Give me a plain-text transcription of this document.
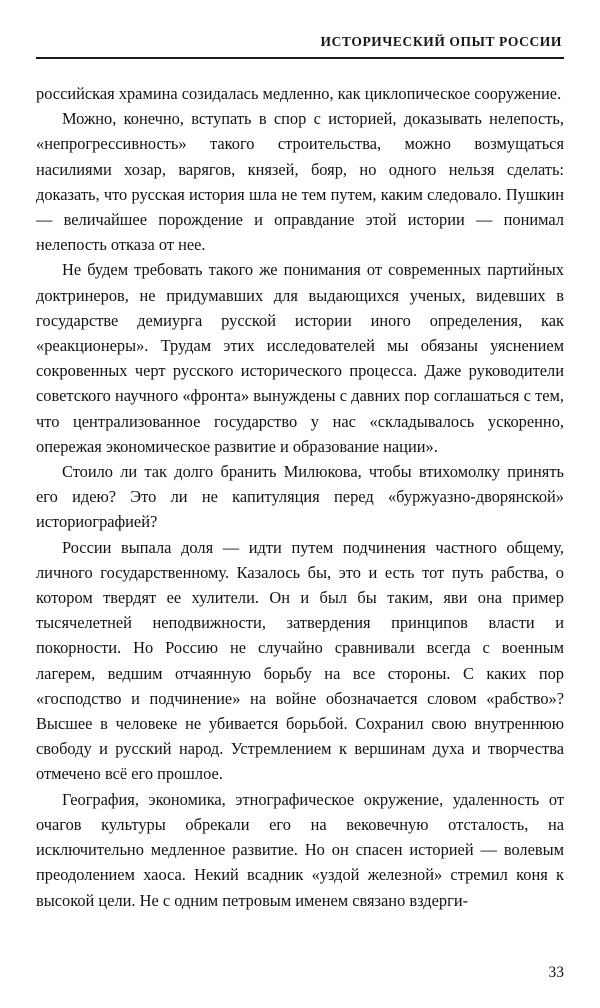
ИСТОРИЧЕСКИЙ ОПЫТ РОССИИ

российская храмина созидалась медленно, как циклопическое сооружение.

Можно, конечно, вступать в спор с историей, доказывать нелепость, «непрогрессивность» такого строительства, можно возмущаться насилиями хозар, варягов, князей, бояр, но одного нельзя сделать: доказать, что русская история шла не тем путем, каким следовало. Пушкин — величайшее порождение и оправдание этой истории — понимал нелепость отказа от нее.

Не будем требовать такого же понимания от современных партийных доктринеров, не придумавших для выдающихся ученых, видевших в государстве демиурга русской истории иного определения, как «реакционеры». Трудам этих исследователей мы обязаны уяснением сокровенных черт русского исторического процесса. Даже руководители советского научного «фронта» вынуждены с давних пор соглашаться с тем, что централизованное государство у нас «складывалось ускоренно, опережая экономическое развитие и образование нации».

Стоило ли так долго бранить Милюкова, чтобы втихомолку принять его идею? Это ли не капитуляция перед «буржуазно-дворянской» историографией?

России выпала доля — идти путем подчинения частного общему, личного государственному. Казалось бы, это и есть тот путь рабства, о котором твердят ее хулители. Он и был бы таким, яви она пример тысячелетней неподвижности, затвердения принципов власти и покорности. Но Россию не случайно сравнивали всегда с военным лагерем, ведшим отчаянную борьбу на все стороны. С каких пор «господство и подчинение» на войне обозначается словом «рабство»? Высшее в человеке не убивается борьбой. Сохранил свою внутреннюю свободу и русский народ. Устремлением к вершинам духа и творчества отмечено всё его прошлое.

География, экономика, этнографическое окружение, удаленность от очагов культуры обрекали его на вековечную отсталость, на исключительно медленное развитие. Но он спасен историей — волевым преодолением хаоса. Некий всадник «уздой железной» стремил коня к высокой цели. Не с одним петровым именем связано вздерги-

33
